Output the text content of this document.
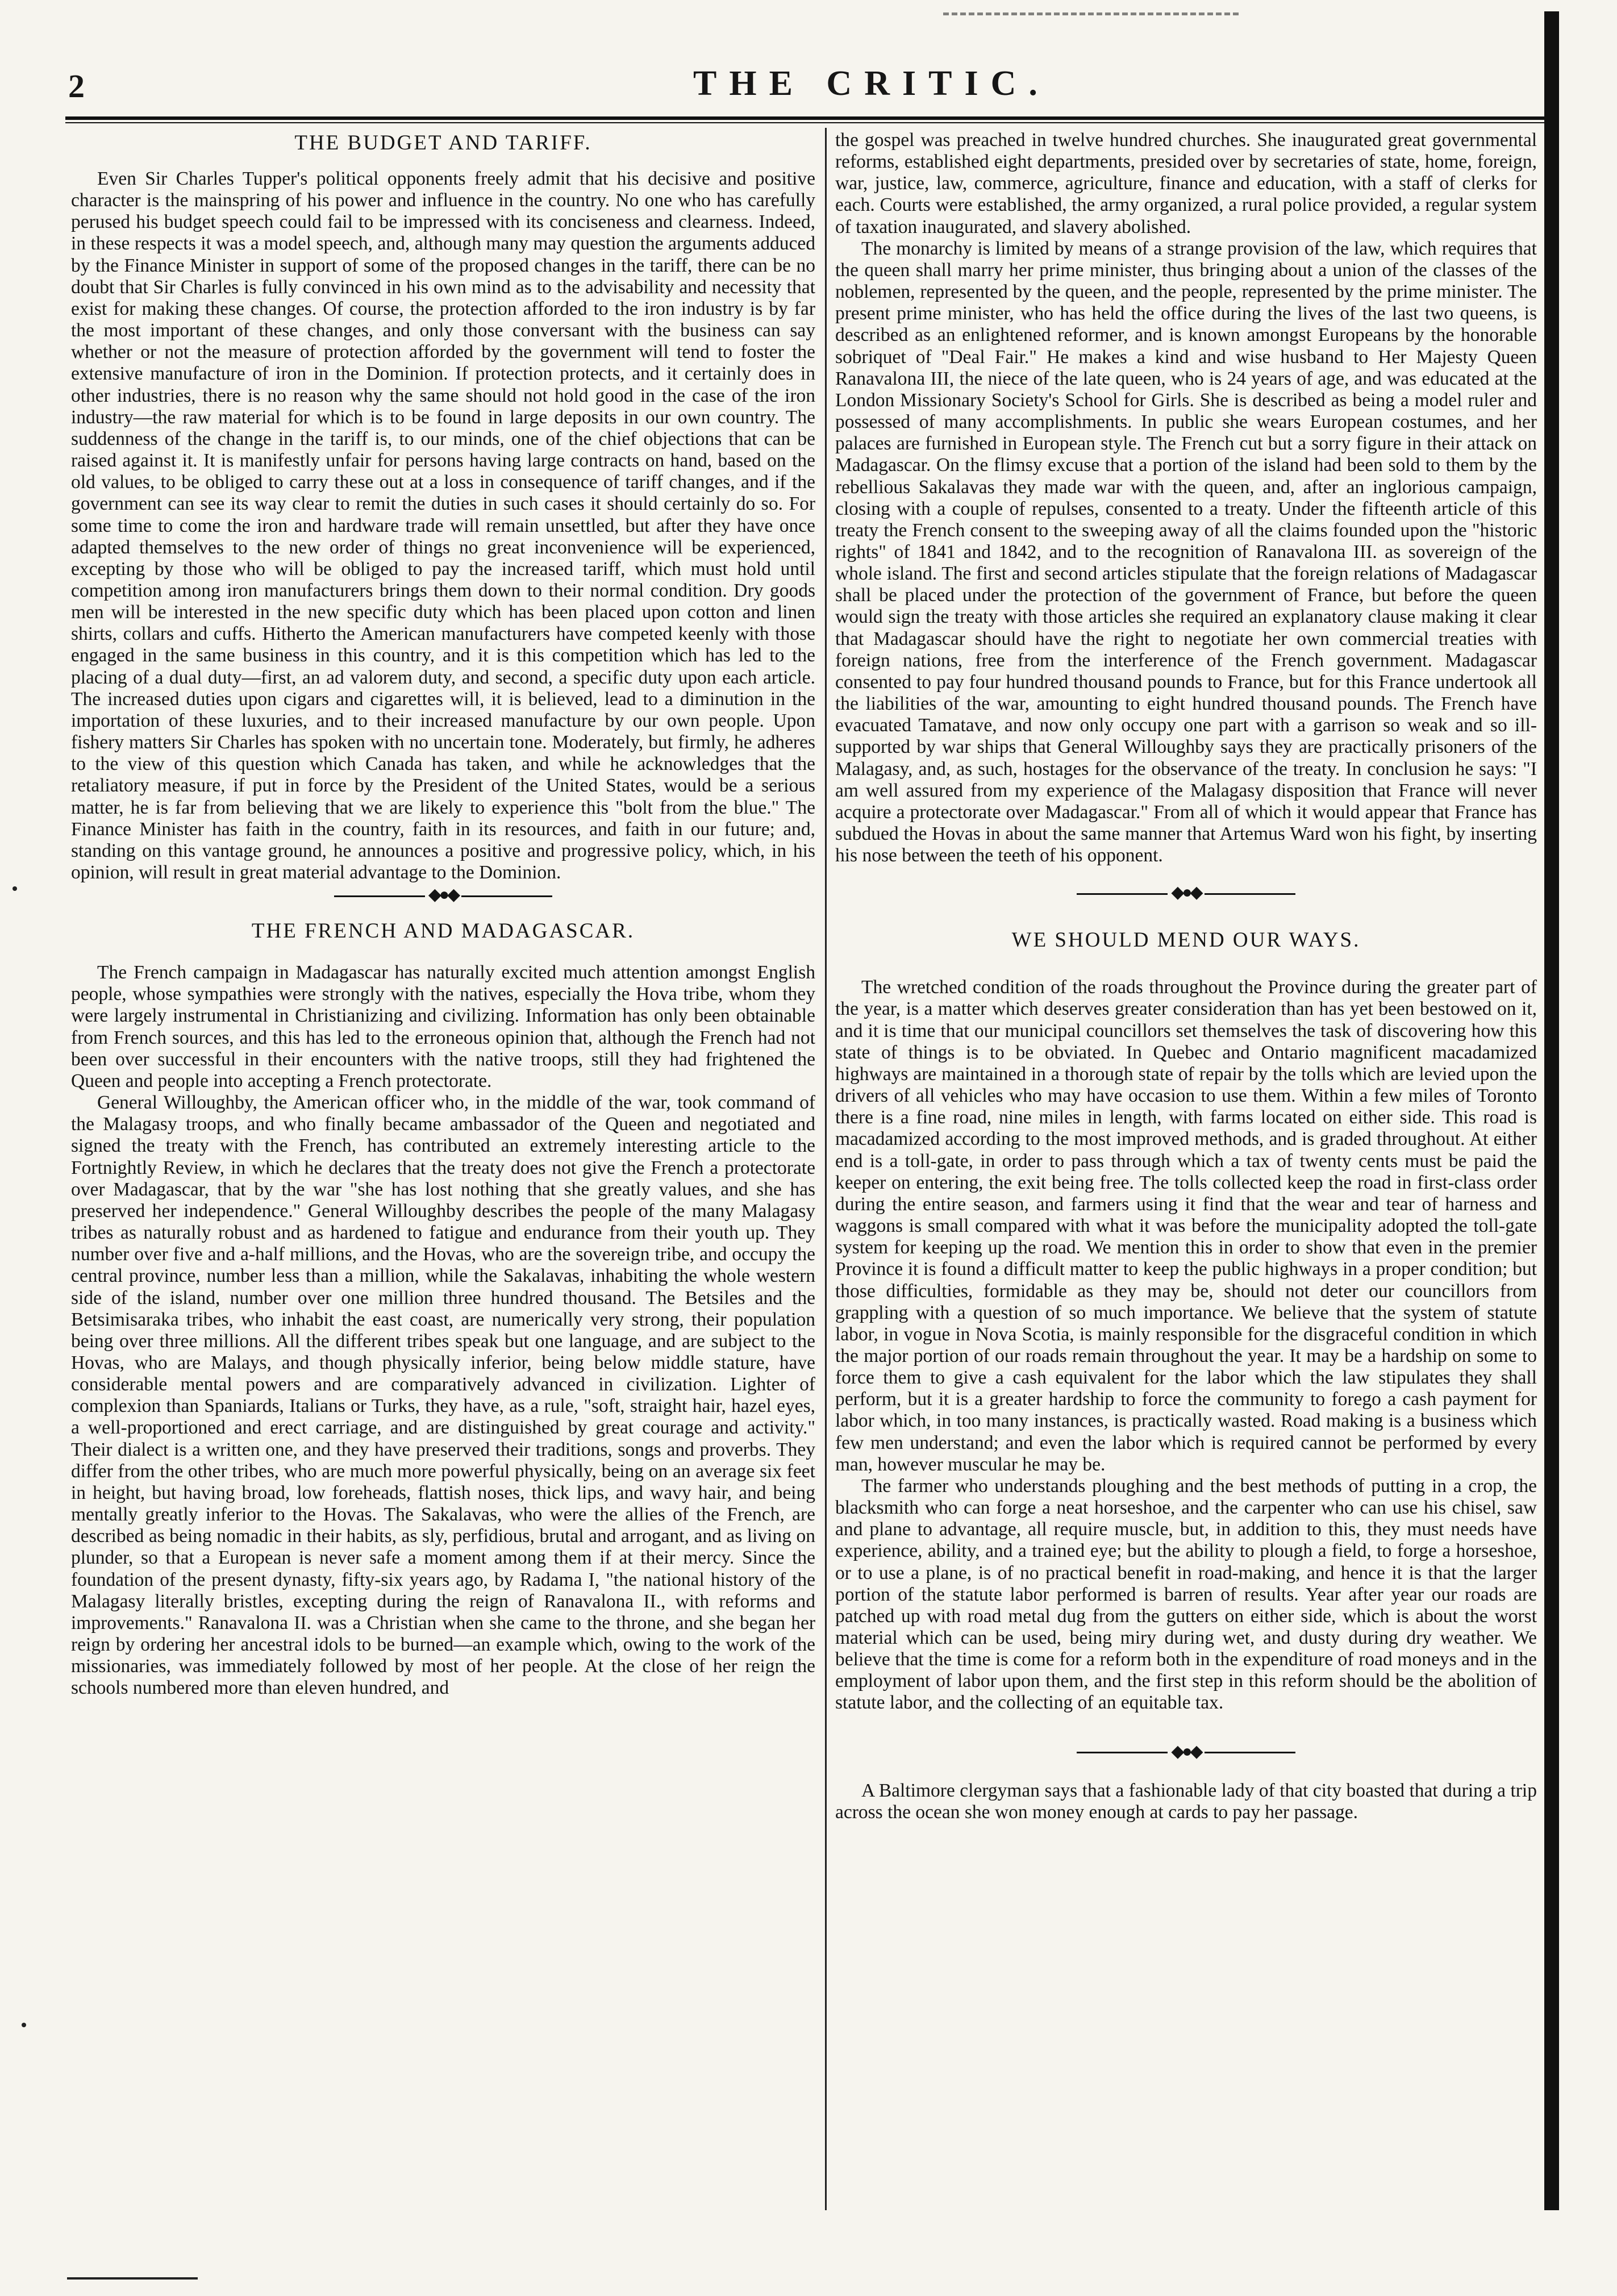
2	THE CRITIC.
THE BUDGET AND TARIFF.

Even Sir Charles Tupper's political opponents freely admit that his decisive and positive character is the mainspring of his power and influence in the country. No one who has carefully perused his budget speech could fail to be impressed with its conciseness and clearness. Indeed, in these respects it was a model speech, and, although many may question the arguments adduced by the Finance Minister in support of some of the proposed changes in the tariff, there can be no doubt that Sir Charles is fully convinced in his own mind as to the advisability and necessity that exist for making these changes. Of course, the protection afforded to the iron industry is by far the most important of these changes, and only those conversant with the business can say whether or not the measure of protection afforded by the government will tend to foster the extensive manufacture of iron in the Dominion. If protection protects, and it certainly does in other industries, there is no reason why the same should not hold good in the case of the iron industry—the raw material for which is to be found in large deposits in our own country. The suddenness of the change in the tariff is, to our minds, one of the chief objections that can be raised against it. It is manifestly unfair for persons having large contracts on hand, based on the old values, to be obliged to carry these out at a loss in consequence of tariff changes, and if the government can see its way clear to remit the duties in such cases it should certainly do so. For some time to come the iron and hardware trade will remain unsettled, but after they have once adapted themselves to the new order of things no great inconvenience will be experienced, excepting by those who will be obliged to pay the increased tariff, which must hold until competition among iron manufacturers brings them down to their normal condition. Dry goods men will be interested in the new specific duty which has been placed upon cotton and linen shirts, collars and cuffs. Hitherto the American manufacturers have competed keenly with those engaged in the same business in this country, and it is this competition which has led to the placing of a dual duty—first, an ad valorem duty, and second, a specific duty upon each article. The increased duties upon cigars and cigarettes will, it is believed, lead to a diminution in the importation of these luxuries, and to their increased manufacture by our own people. Upon fishery matters Sir Charles has spoken with no uncertain tone. Moderately, but firmly, he adheres to the view of this question which Canada has taken, and while he acknowledges that the retaliatory measure, if put in force by the President of the United States, would be a serious matter, he is far from believing that we are likely to experience this "bolt from the blue." The Finance Minister has faith in the country, faith in its resources, and faith in our future; and, standing on this vantage ground, he announces a positive and progressive policy, which, in his opinion, will result in great material advantage to the Dominion.

◆●◆
THE FRENCH AND MADAGASCAR.

The French campaign in Madagascar has naturally excited much attention amongst English people, whose sympathies were strongly with the natives, especially the Hova tribe, whom they were largely instrumental in Christianizing and civilizing. Information has only been obtainable from French sources, and this has led to the erroneous opinion that, although the French had not been over successful in their encounters with the native troops, still they had frightened the Queen and people into accepting a French protectorate.

General Willoughby, the American officer who, in the middle of the war, took command of the Malagasy troops, and who finally became ambassador of the Queen and negotiated and signed the treaty with the French, has contributed an extremely interesting article to the Fortnightly Review, in which he declares that the treaty does not give the French a protectorate over Madagascar, that by the war "she has lost nothing that she greatly values, and she has preserved her independence." General Willoughby describes the people of the many Malagasy tribes as naturally robust and as hardened to fatigue and endurance from their youth up. They number over five and a-half millions, and the Hovas, who are the sovereign tribe, and occupy the central province, number less than a million, while the Sakalavas, inhabiting the whole western side of the island, number over one million three hundred thousand. The Betsiles and the Betsimisaraka tribes, who inhabit the east coast, are numerically very strong, their population being over three millions. All the different tribes speak but one language, and are subject to the Hovas, who are Malays, and though physically inferior, being below middle stature, have considerable mental powers and are comparatively advanced in civilization. Lighter of complexion than Spaniards, Italians or Turks, they have, as a rule, "soft, straight hair, hazel eyes, a well-proportioned and erect carriage, and are distinguished by great courage and activity." Their dialect is a written one, and they have preserved their traditions, songs and proverbs. They differ from the other tribes, who are much more powerful physically, being on an average six feet in height, but having broad, low foreheads, flattish noses, thick lips, and wavy hair, and being mentally greatly inferior to the Hovas. The Sakalavas, who were the allies of the French, are described as being nomadic in their habits, as sly, perfidious, brutal and arrogant, and as living on plunder, so that a European is never safe a moment among them if at their mercy. Since the foundation of the present dynasty, fifty-six years ago, by Radama I, "the national history of the Malagasy literally bristles, excepting during the reign of Ranavalona II., with reforms and improvements." Ranavalona II. was a Christian when she came to the throne, and she began her reign by ordering her ancestral idols to be burned—an example which, owing to the work of the missionaries, was immediately followed by most of her people. At the close of her reign the schools numbered more than eleven hundred, and

the gospel was preached in twelve hundred churches. She inaugurated great governmental reforms, established eight departments, presided over by secretaries of state, home, foreign, war, justice, law, commerce, agriculture, finance and education, with a staff of clerks for each. Courts were established, the army organized, a rural police provided, a regular system of taxation inaugurated, and slavery abolished.

The monarchy is limited by means of a strange provision of the law, which requires that the queen shall marry her prime minister, thus bringing about a union of the classes of the noblemen, represented by the queen, and the people, represented by the prime minister. The present prime minister, who has held the office during the lives of the last two queens, is described as an enlightened reformer, and is known amongst Europeans by the honorable sobriquet of "Deal Fair." He makes a kind and wise husband to Her Majesty Queen Ranavalona III, the niece of the late queen, who is 24 years of age, and was educated at the London Missionary Society's School for Girls. She is described as being a model ruler and possessed of many accomplishments. In public she wears European costumes, and her palaces are furnished in European style. The French cut but a sorry figure in their attack on Madagascar. On the flimsy excuse that a portion of the island had been sold to them by the rebellious Sakalavas they made war with the queen, and, after an inglorious campaign, closing with a couple of repulses, consented to a treaty. Under the fifteenth article of this treaty the French consent to the sweeping away of all the claims founded upon the "historic rights" of 1841 and 1842, and to the recognition of Ranavalona III. as sovereign of the whole island. The first and second articles stipulate that the foreign relations of Madagascar shall be placed under the protection of the government of France, but before the queen would sign the treaty with those articles she required an explanatory clause making it clear that Madagascar should have the right to negotiate her own commercial treaties with foreign nations, free from the interference of the French government. Madagascar consented to pay four hundred thousand pounds to France, but for this France undertook all the liabilities of the war, amounting to eight hundred thousand pounds. The French have evacuated Tamatave, and now only occupy one part with a garrison so weak and so ill-supported by war ships that General Willoughby says they are practically prisoners of the Malagasy, and, as such, hostages for the observance of the treaty. In conclusion he says: "I am well assured from my experience of the Malagasy disposition that France will never acquire a protectorate over Madagascar." From all of which it would appear that France has subdued the Hovas in about the same manner that Artemus Ward won his fight, by inserting his nose between the teeth of his opponent.

◆●◆
WE SHOULD MEND OUR WAYS.

The wretched condition of the roads throughout the Province during the greater part of the year, is a matter which deserves greater consideration than has yet been bestowed on it, and it is time that our municipal councillors set themselves the task of discovering how this state of things is to be obviated. In Quebec and Ontario magnificent macadamized highways are maintained in a thorough state of repair by the tolls which are levied upon the drivers of all vehicles who may have occasion to use them. Within a few miles of Toronto there is a fine road, nine miles in length, with farms located on either side. This road is macadamized according to the most improved methods, and is graded throughout. At either end is a toll-gate, in order to pass through which a tax of twenty cents must be paid the keeper on entering, the exit being free. The tolls collected keep the road in first-class order during the entire season, and farmers using it find that the wear and tear of harness and waggons is small compared with what it was before the municipality adopted the toll-gate system for keeping up the road. We mention this in order to show that even in the premier Province it is found a difficult matter to keep the public highways in a proper condition; but those difficulties, formidable as they may be, should not deter our councillors from grappling with a question of so much importance. We believe that the system of statute labor, in vogue in Nova Scotia, is mainly responsible for the disgraceful condition in which the major portion of our roads remain throughout the year. It may be a hardship on some to force them to give a cash equivalent for the labor which the law stipulates they shall perform, but it is a greater hardship to force the community to forego a cash payment for labor which, in too many instances, is practically wasted. Road making is a business which few men understand; and even the labor which is required cannot be performed by every man, however muscular he may be.

The farmer who understands ploughing and the best methods of putting in a crop, the blacksmith who can forge a neat horseshoe, and the carpenter who can use his chisel, saw and plane to advantage, all require muscle, but, in addition to this, they must needs have experience, ability, and a trained eye; but the ability to plough a field, to forge a horseshoe, or to use a plane, is of no practical benefit in road-making, and hence it is that the larger portion of the statute labor performed is barren of results. Year after year our roads are patched up with road metal dug from the gutters on either side, which is about the worst material which can be used, being miry during wet, and dusty during dry weather. We believe that the time is come for a reform both in the expenditure of road moneys and in the employment of labor upon them, and the first step in this reform should be the abolition of statute labor, and the collecting of an equitable tax.

◆●◆

A Baltimore clergyman says that a fashionable lady of that city boasted that during a trip across the ocean she won money enough at cards to pay her passage.
